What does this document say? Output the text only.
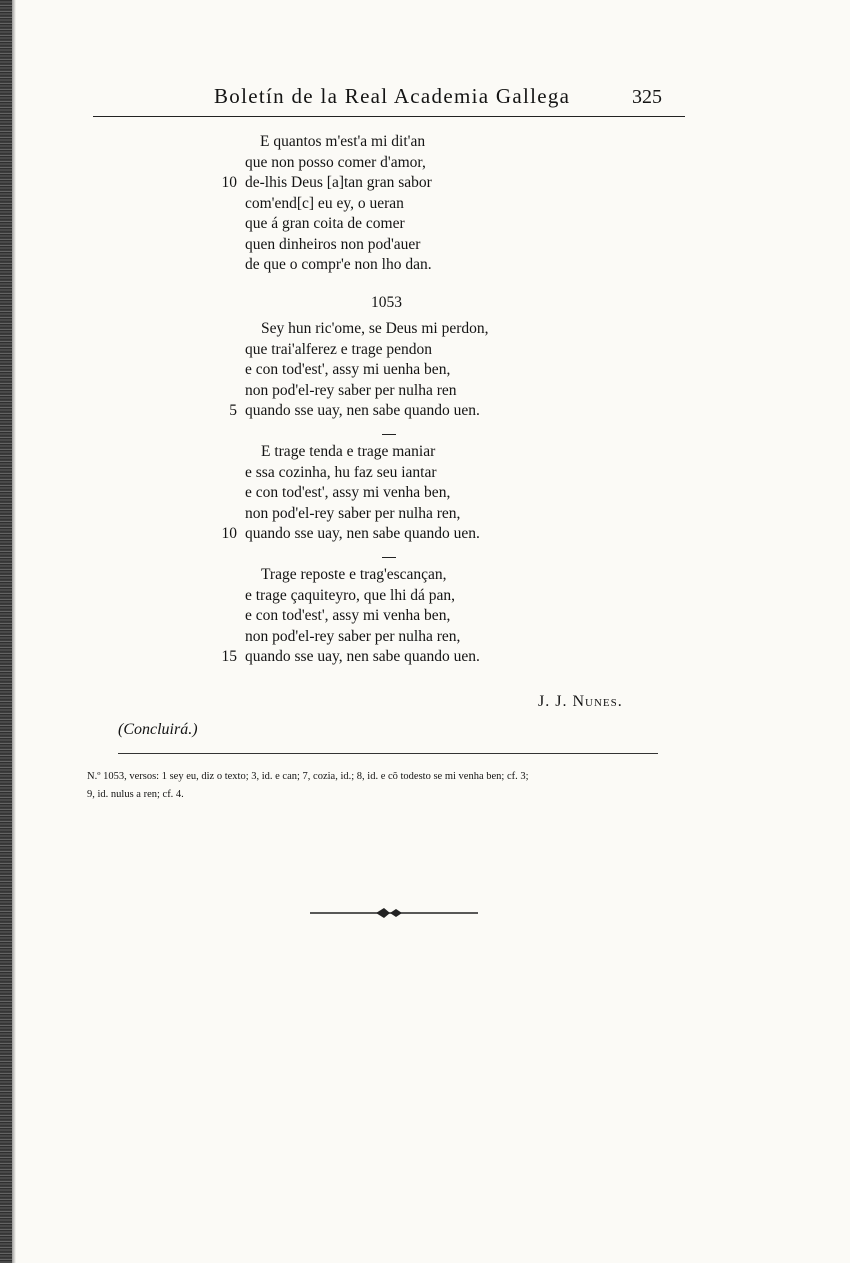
Boletín de la Real Academia Gallega	325
E quantos m'est'a mi dit'an
que non posso comer d'amor,
de-lhis Deus [a]tan gran sabor
10
com'end[c] eu ey, o ueran
que á gran coita de comer
quen dinheiros non pod'auer
de que o compr'e non lho dan.
1053
Sey hun ric'ome, se Deus mi perdon,
que trai'alferez e trage pendon
e con tod'est', assy mi uenha ben,
non pod'el-rey saber per nulha ren
quando sse uay, nen sabe quando uen.
5
E trage tenda e trage maniar
e ssa cozinha, hu faz seu iantar
e con tod'est', assy mi venha ben,
non pod'el-rey saber per nulha ren,
quando sse uay, nen sabe quando uen.
10
Trage reposte e trag'escançan,
e trage çaquiteyro, que lhi dá pan,
e con tod'est', assy mi venha ben,
non pod'el-rey saber per nulha ren,
quando sse uay, nen sabe quando uen.
15
J. J. Nunes.
(Concluirá.)
N.º 1053, versos: 1 sey eu, diz o texto; 3, id. e can; 7, cozia, id.; 8, id. e cõ todesto se mi venha ben; cf. 3;
9, id. nulus a ren; cf. 4.
